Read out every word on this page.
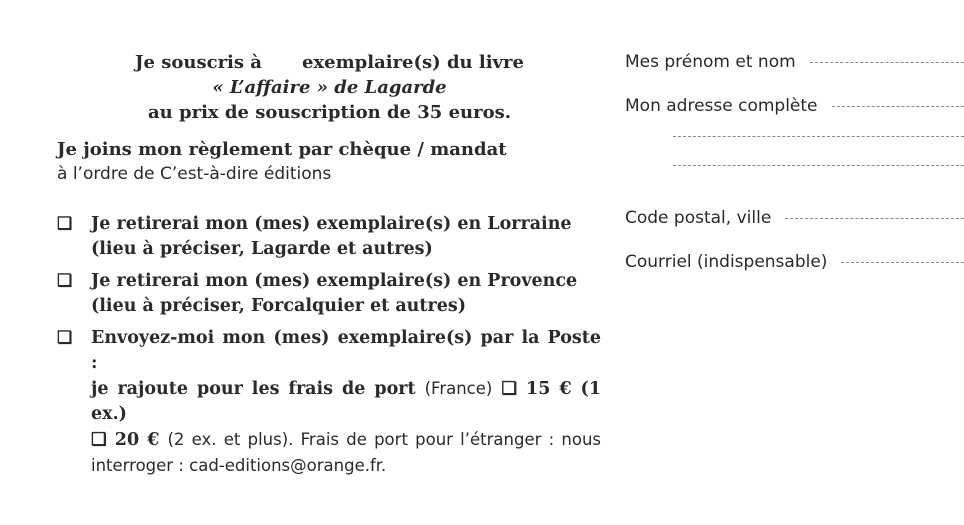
Je souscris à exemplaire(s) du livre
« L’affaire » de Lagarde
au prix de souscription de 35 euros.
Je joins mon règlement par chèque / mandat
à l’ordre de C’est-à-dire éditions
❏	Je retirerai mon (mes) exemplaire(s) en Lorraine
(lieu à préciser, Lagarde et autres)
❏	Je retirerai mon (mes) exemplaire(s) en Provence
(lieu à préciser, Forcalquier et autres)
❏	Envoyez-moi mon (mes) exemplaire(s) par la Poste :
je rajoute pour les frais de port (France) ❏ 15 € (1 ex.)
❏ 20 € (2 ex. et plus). Frais de port pour l’étranger : nous interroger : cad-editions@orange.fr.
Mes prénom et nom
Mon adresse complète
Code postal, ville
Courriel (indispensable)
